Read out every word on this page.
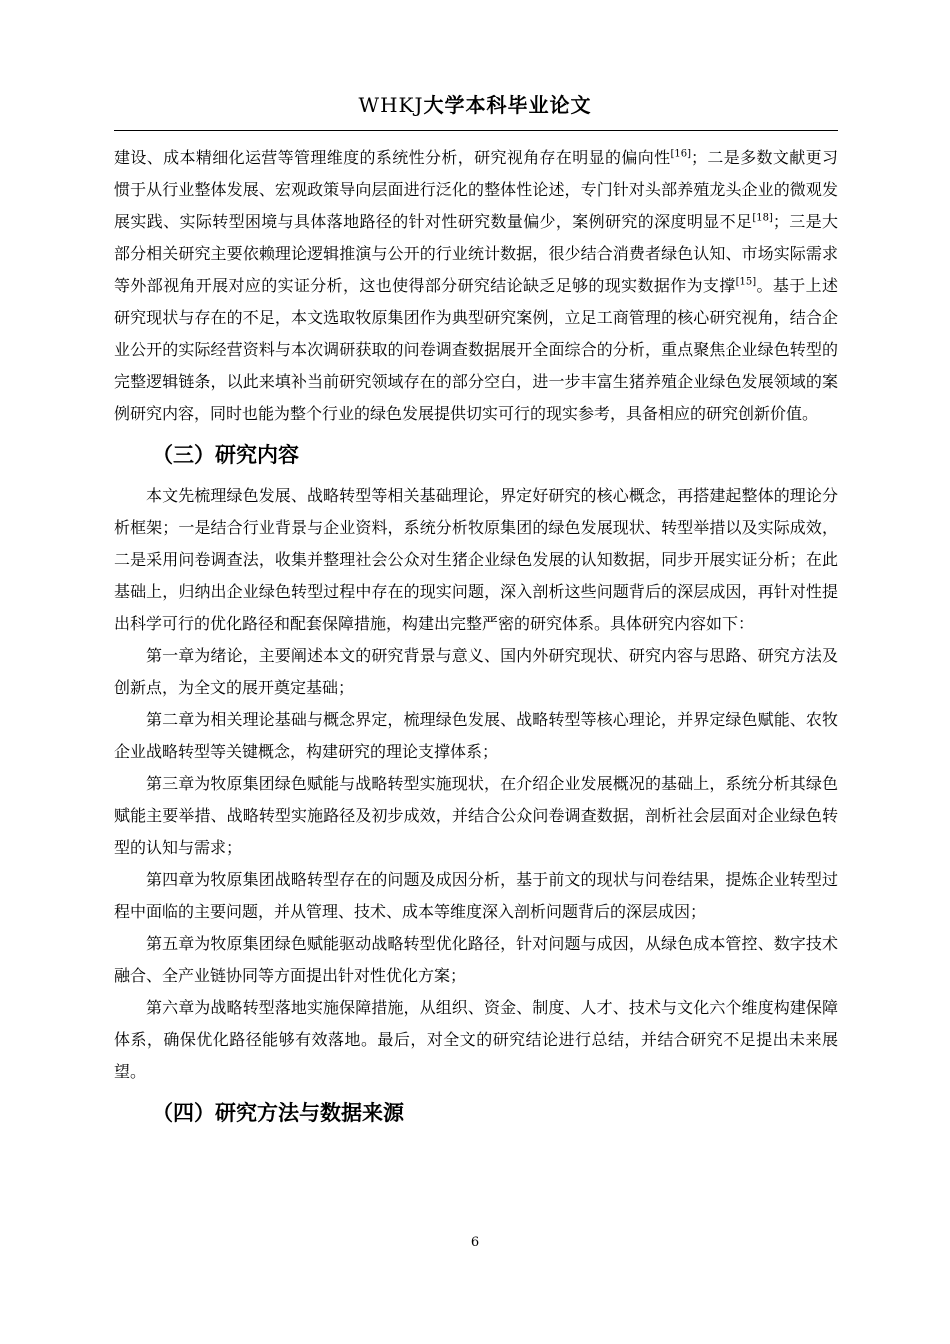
WHKJ大学本科毕业论文

建设、成本精细化运营等管理维度的系统性分析，研究视角存在明显的偏向性[16]；二是多数文献更习惯于从行业整体发展、宏观政策导向层面进行泛化的整体性论述，专门针对头部养殖龙头企业的微观发展实践、实际转型困境与具体落地路径的针对性研究数量偏少，案例研究的深度明显不足[18]；三是大部分相关研究主要依赖理论逻辑推演与公开的行业统计数据，很少结合消费者绿色认知、市场实际需求等外部视角开展对应的实证分析，这也使得部分研究结论缺乏足够的现实数据作为支撑[15]。基于上述研究现状与存在的不足，本文选取牧原集团作为典型研究案例，立足工商管理的核心研究视角，结合企业公开的实际经营资料与本次调研获取的问卷调查数据展开全面综合的分析，重点聚焦企业绿色转型的完整逻辑链条，以此来填补当前研究领域存在的部分空白，进一步丰富生猪养殖企业绿色发展领域的案例研究内容，同时也能为整个行业的绿色发展提供切实可行的现实参考，具备相应的研究创新价值。

（三）研究内容

本文先梳理绿色发展、战略转型等相关基础理论，界定好研究的核心概念，再搭建起整体的理论分析框架；一是结合行业背景与企业资料，系统分析牧原集团的绿色发展现状、转型举措以及实际成效，二是采用问卷调查法，收集并整理社会公众对生猪企业绿色发展的认知数据，同步开展实证分析；在此基础上，归纳出企业绿色转型过程中存在的现实问题，深入剖析这些问题背后的深层成因，再针对性提出科学可行的优化路径和配套保障措施，构建出完整严密的研究体系。具体研究内容如下：

第一章为绪论，主要阐述本文的研究背景与意义、国内外研究现状、研究内容与思路、研究方法及创新点，为全文的展开奠定基础；

第二章为相关理论基础与概念界定，梳理绿色发展、战略转型等核心理论，并界定绿色赋能、农牧企业战略转型等关键概念，构建研究的理论支撑体系；

第三章为牧原集团绿色赋能与战略转型实施现状，在介绍企业发展概况的基础上，系统分析其绿色赋能主要举措、战略转型实施路径及初步成效，并结合公众问卷调查数据，剖析社会层面对企业绿色转型的认知与需求；

第四章为牧原集团战略转型存在的问题及成因分析，基于前文的现状与问卷结果，提炼企业转型过程中面临的主要问题，并从管理、技术、成本等维度深入剖析问题背后的深层成因；

第五章为牧原集团绿色赋能驱动战略转型优化路径，针对问题与成因，从绿色成本管控、数字技术融合、全产业链协同等方面提出针对性优化方案；

第六章为战略转型落地实施保障措施，从组织、资金、制度、人才、技术与文化六个维度构建保障体系，确保优化路径能够有效落地。最后，对全文的研究结论进行总结，并结合研究不足提出未来展望。

（四）研究方法与数据来源
6
